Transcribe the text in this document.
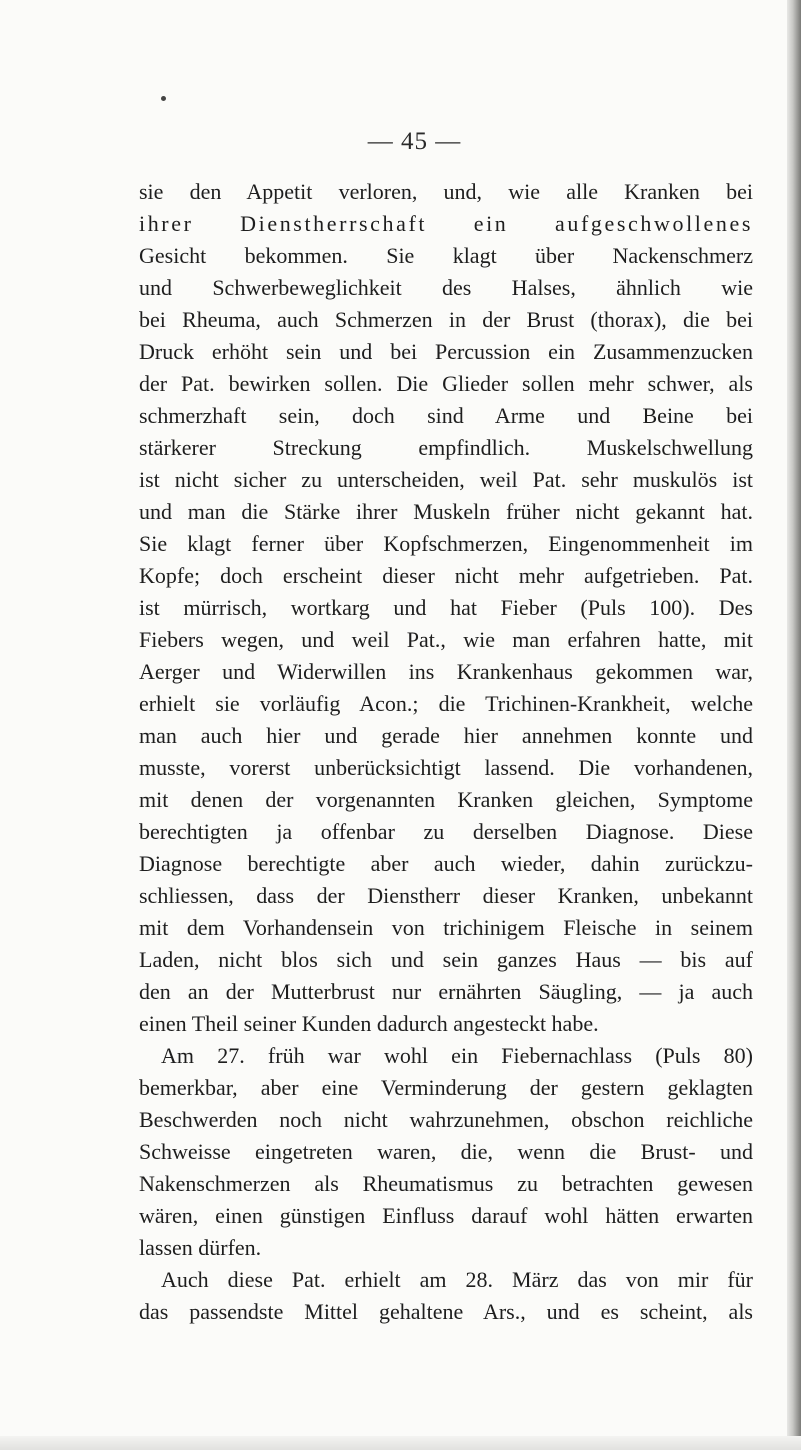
— 45 —
sie den Appetit verloren, und, wie alle Kranken bei
ihrer Dienstherrschaft ein aufgeschwollenes
Gesicht bekommen. Sie klagt über Nackenschmerz
und Schwerbeweglichkeit des Halses, ähnlich wie
bei Rheuma, auch Schmerzen in der Brust (thorax), die bei
Druck erhöht sein und bei Percussion ein Zusammenzucken
der Pat. bewirken sollen. Die Glieder sollen mehr schwer, als
schmerzhaft sein, doch sind Arme und Beine bei
stärkerer Streckung empfindlich. Muskelschwellung
ist nicht sicher zu unterscheiden, weil Pat. sehr muskulös ist
und man die Stärke ihrer Muskeln früher nicht gekannt hat.
Sie klagt ferner über Kopfschmerzen, Eingenommenheit im
Kopfe; doch erscheint dieser nicht mehr aufgetrieben. Pat.
ist mürrisch, wortkarg und hat Fieber (Puls 100). Des
Fiebers wegen, und weil Pat., wie man erfahren hatte, mit
Aerger und Widerwillen ins Krankenhaus gekommen war,
erhielt sie vorläufig Acon.; die Trichinen-Krankheit, welche
man auch hier und gerade hier annehmen konnte und
musste, vorerst unberücksichtigt lassend. Die vorhandenen,
mit denen der vorgenannten Kranken gleichen, Symptome
berechtigten ja offenbar zu derselben Diagnose. Diese
Diagnose berechtigte aber auch wieder, dahin zurückzu-
schliessen, dass der Dienstherr dieser Kranken, unbekannt
mit dem Vorhandensein von trichinigem Fleische in seinem
Laden, nicht blos sich und sein ganzes Haus — bis auf
den an der Mutterbrust nur ernährten Säugling, — ja auch
einen Theil seiner Kunden dadurch angesteckt habe.
Am 27. früh war wohl ein Fiebernachlass (Puls 80)
bemerkbar, aber eine Verminderung der gestern geklagten
Beschwerden noch nicht wahrzunehmen, obschon reichliche
Schweisse eingetreten waren, die, wenn die Brust- und
Nakenschmerzen als Rheumatismus zu betrachten gewesen
wären, einen günstigen Einfluss darauf wohl hätten erwarten
lassen dürfen.
Auch diese Pat. erhielt am 28. März das von mir für
das passendste Mittel gehaltene Ars., und es scheint, als
